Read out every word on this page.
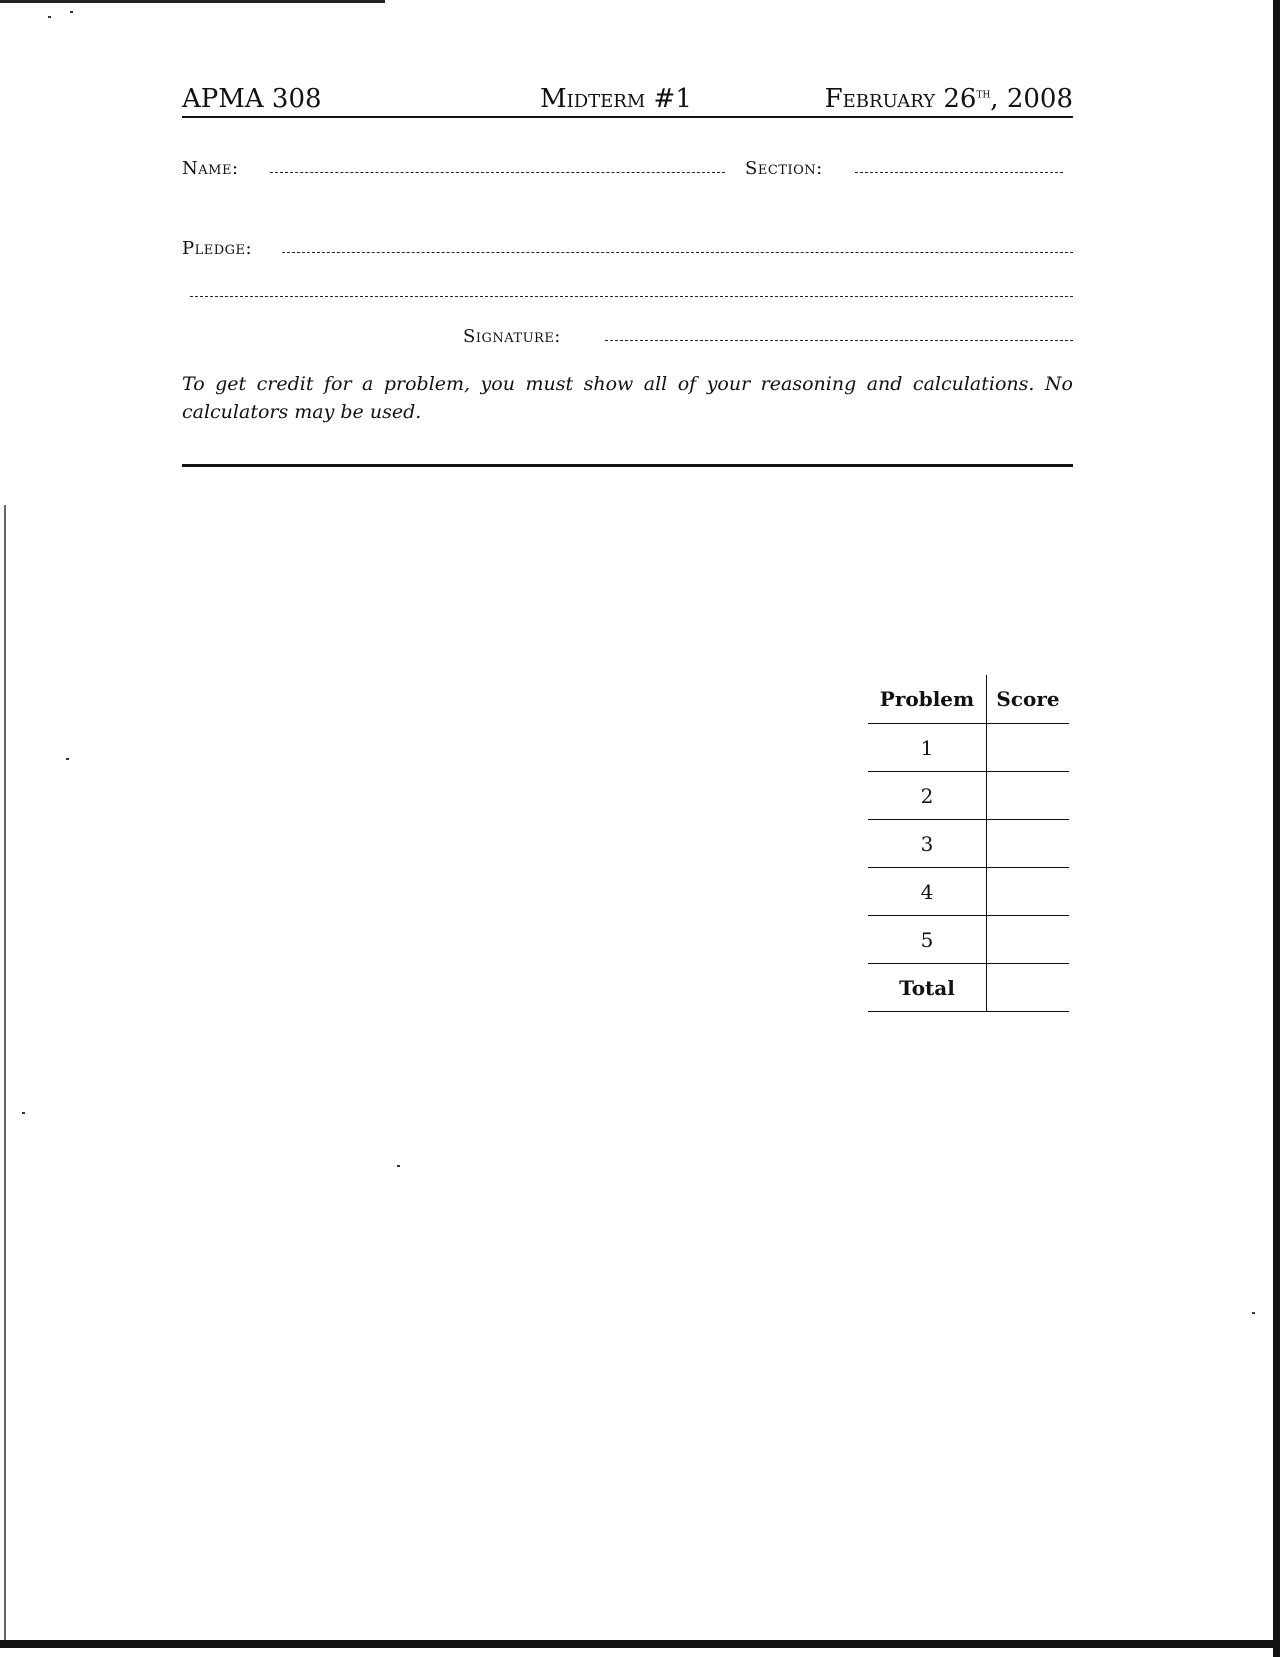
APMA 308	Midterm #1	February 26th, 2008
Name:	Section:
Pledge:
Signature:
To get credit for a problem, you must show all of your reasoning and calculations. No calculators may be used.
Problem	Score
1	
2	
3	
4	
5	
Total	
